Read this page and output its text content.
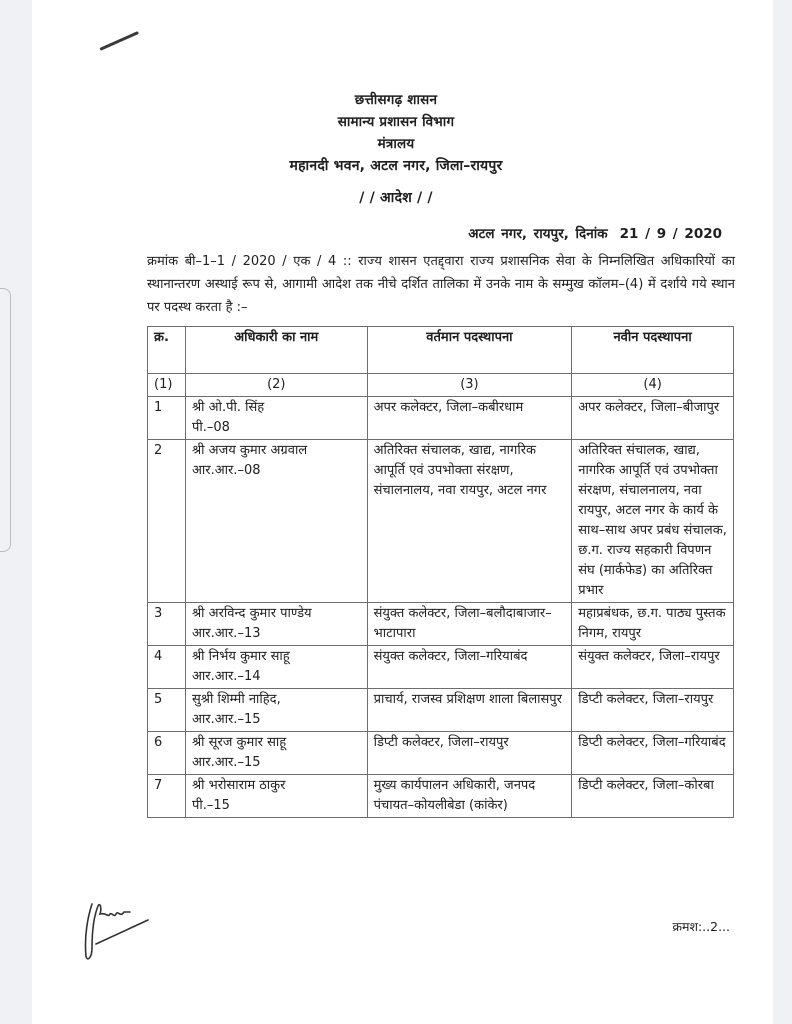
छत्तीसगढ़ शासन
सामान्य प्रशासन विभाग
मंत्रालय
महानदी भवन, अटल नगर, जिला–रायपुर
/ / आदेश / /
अटल नगर, रायपुर, दिनांक 21 / 9 / 2020
क्रमांक बी–1–1 / 2020 / एक / 4 :: राज्य शासन एतद्द्वारा राज्य प्रशासनिक सेवा के निम्नलिखित अधिकारियों का स्थानान्तरण अस्थाई रूप से, आगामी आदेश तक नीचे दर्शित तालिका में उनके नाम के सम्मुख कॉलम–(4) में दर्शाये गये स्थान पर पदस्थ करता है :–
क्र.	अधिकारी का नाम	वर्तमान पदस्थापना	नवीन पदस्थापना
(1)	(2)	(3)	(4)
1	श्री ओ.पी. सिंह
पी.–08	अपर कलेक्टर, जिला–कबीरधाम	अपर कलेक्टर, जिला–बीजापुर
2	श्री अजय कुमार अग्रवाल
आर.आर.–08	अतिरिक्त संचालक, खाद्य, नागरिक आपूर्ति एवं उपभोक्ता संरक्षण, संचालनालय, नवा रायपुर, अटल नगर	अतिरिक्त संचालक, खाद्य, नागरिक आपूर्ति एवं उपभोक्ता संरक्षण, संचालनालय, नवा रायपुर, अटल नगर के कार्य के साथ–साथ अपर प्रबंध संचालक, छ.ग. राज्य सहकारी विपणन संघ (मार्कफेड) का अतिरिक्त प्रभार
3	श्री अरविन्द कुमार पाण्डेय
आर.आर.–13	संयुक्त कलेक्टर, जिला–बलौदाबाजार–भाटापारा	महाप्रबंधक, छ.ग. पाठ्य पुस्तक निगम, रायपुर
4	श्री निर्भय कुमार साहू
आर.आर.–14	संयुक्त कलेक्टर, जिला–गरियाबंद	संयुक्त कलेक्टर, जिला–रायपुर
5	सुश्री शिम्मी नाहिद,
आर.आर.–15	प्राचार्य, राजस्व प्रशिक्षण शाला बिलासपुर	डिप्टी कलेक्टर, जिला–रायपुर
6	श्री सूरज कुमार साहू
आर.आर.–15	डिप्टी कलेक्टर, जिला–रायपुर	डिप्टी कलेक्टर, जिला–गरियाबंद
7	श्री भरोसाराम ठाकुर
पी.–15	मुख्य कार्यपालन अधिकारी, जनपद पंचायत–कोयलीबेडा (कांकेर)	डिप्टी कलेक्टर, जिला–कोरबा
क्रमश:..2...
